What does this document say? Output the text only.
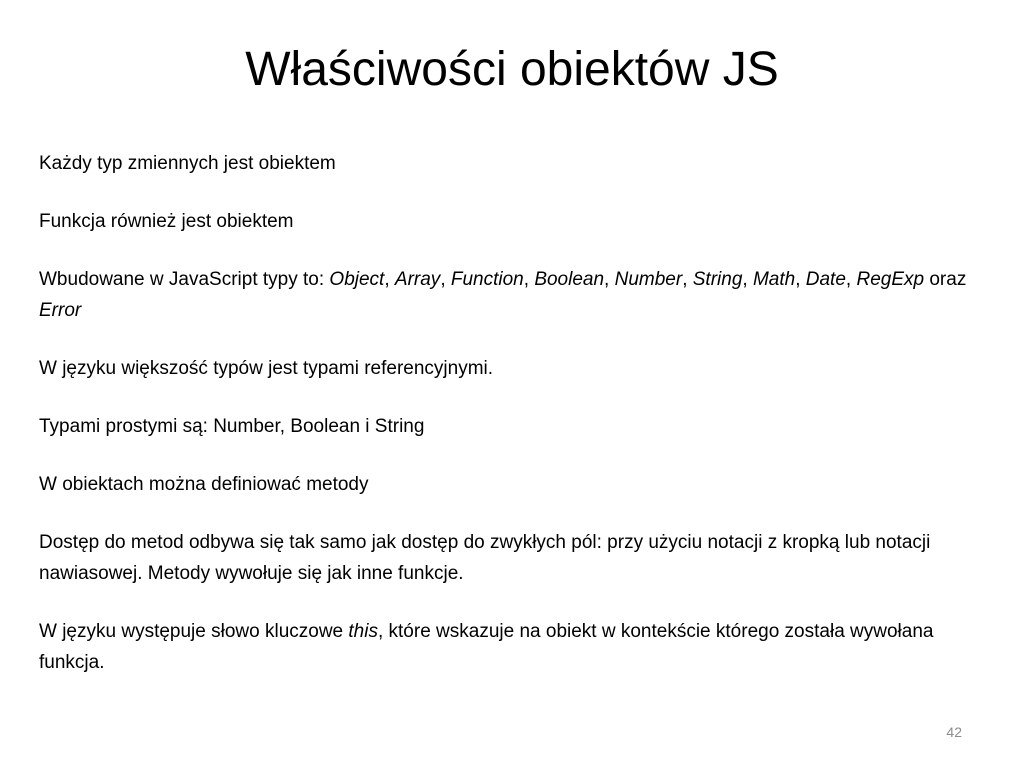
Właściwości obiektów JS

Każdy typ zmiennych jest obiektem

Funkcja również jest obiektem

Wbudowane w JavaScript typy to: Object, Array, Function, Boolean, Number, String, Math, Date, RegExp oraz Error

W języku większość typów jest typami referencyjnymi.

Typami prostymi są: Number, Boolean i String

W obiektach można definiować metody

Dostęp do metod odbywa się tak samo jak dostęp do zwykłych pól: przy użyciu notacji z kropką lub notacji nawiasowej. Metody wywołuje się jak inne funkcje.

W języku występuje słowo kluczowe this, które wskazuje na obiekt w kontekście którego została wywołana funkcja.

42
